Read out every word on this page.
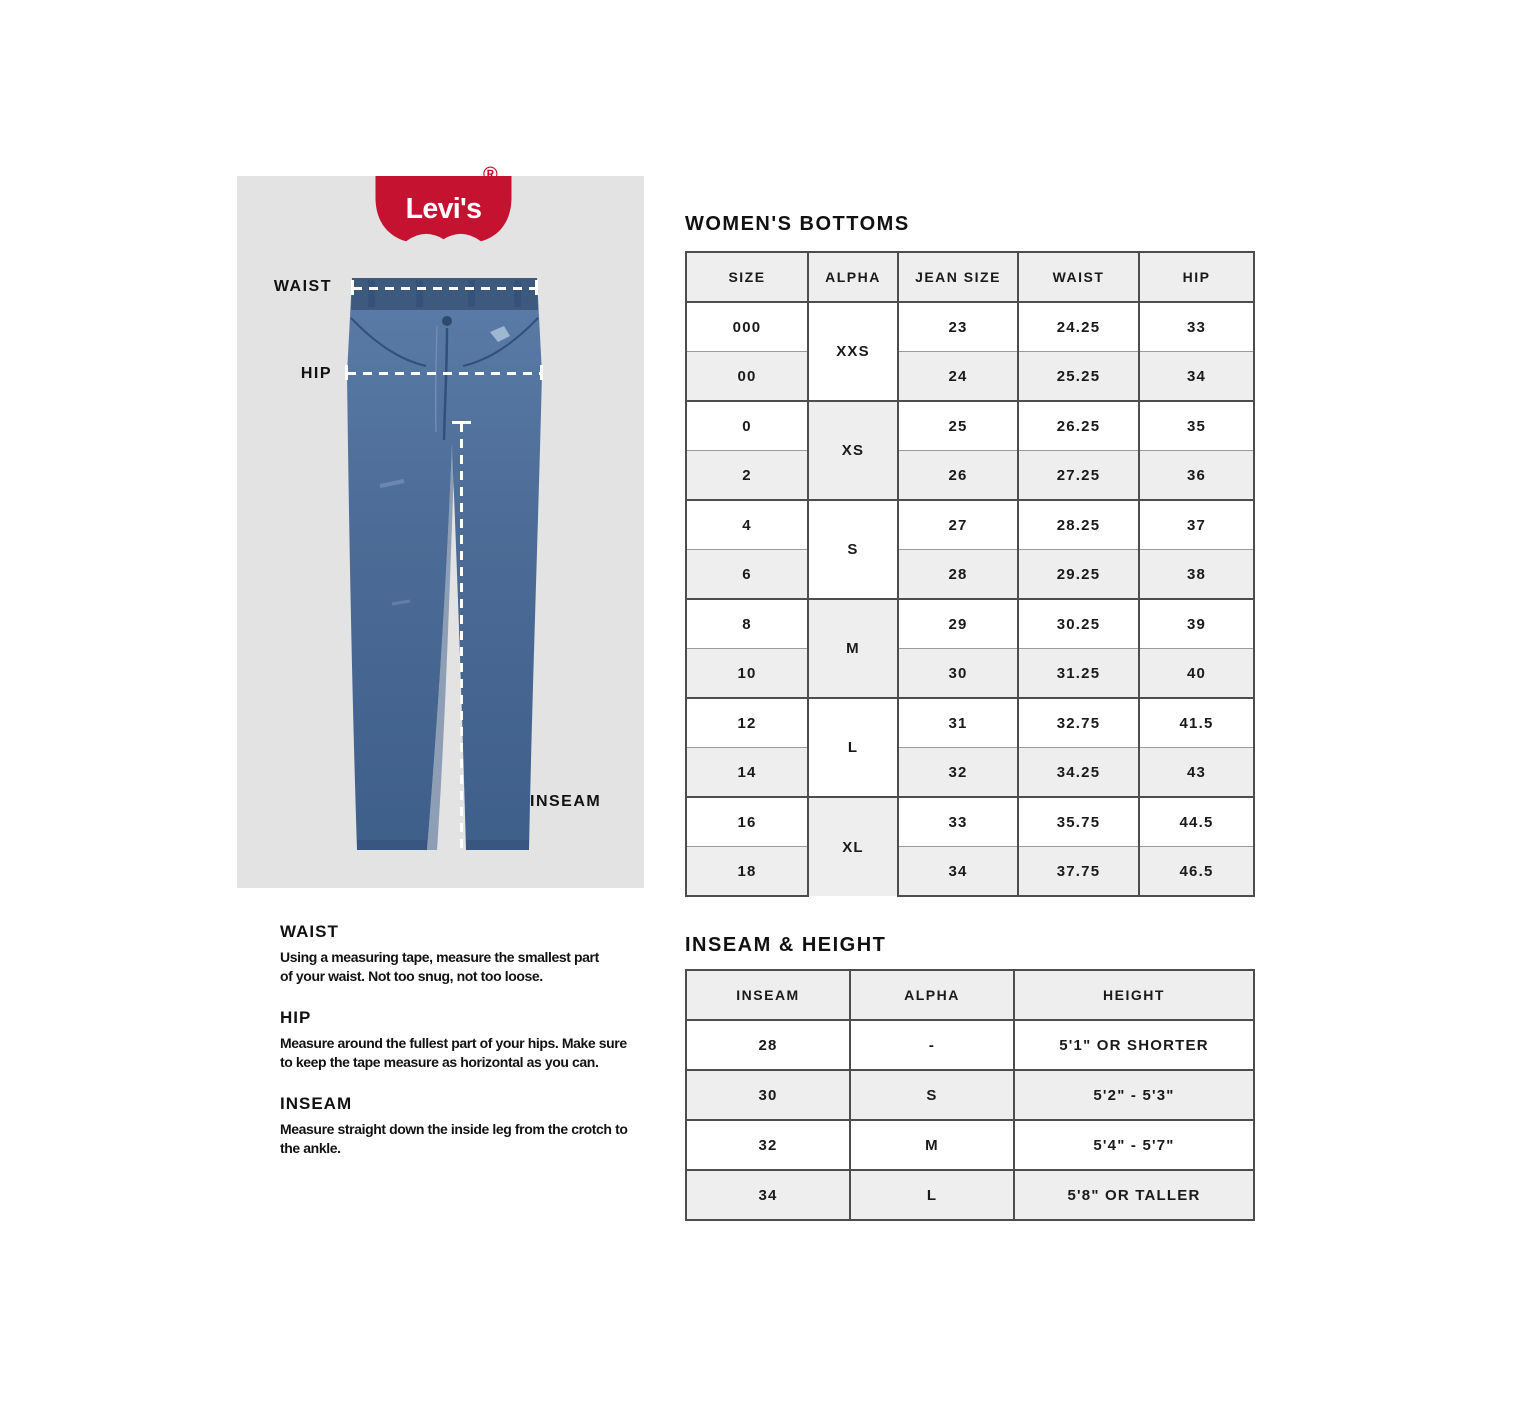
Levi's
®
WAIST
HIP
INSEAM
WAIST
Using a measuring tape, measure the smallest part
of your waist. Not too snug, not too loose.
HIP
Measure around the fullest part of your hips. Make sure
to keep the tape measure as horizontal as you can.
INSEAM
Measure straight down the inside leg from the crotch to
the ankle.
WOMEN'S BOTTOMS
SIZE	ALPHA	JEAN SIZE	WAIST	HIP
000	XXS	23	24.25	33
00		24	25.25	34
0	XS	25	26.25	35
2		26	27.25	36
4	S	27	28.25	37
6		28	29.25	38
8	M	29	30.25	39
10		30	31.25	40
12	L	31	32.75	41.5
14		32	34.25	43
16	XL	33	35.75	44.5
18		34	37.75	46.5
INSEAM & HEIGHT
INSEAM	ALPHA	HEIGHT
28	-	5'1" OR SHORTER
30	S	5'2" - 5'3"
32	M	5'4" - 5'7"
34	L	5'8" OR TALLER
